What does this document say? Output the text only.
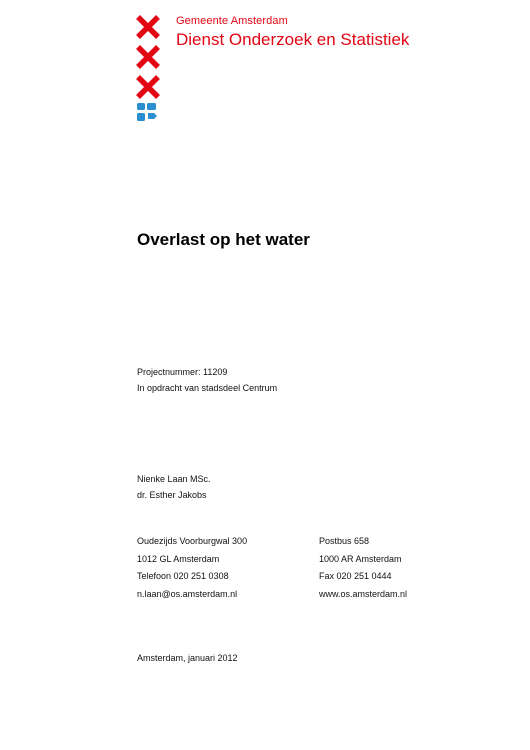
Gemeente Amsterdam
Dienst Onderzoek en Statistiek
Overlast op het water
Projectnummer: 11209
In opdracht van stadsdeel Centrum
Nienke Laan MSc.
dr. Esther Jakobs
Oudezijds Voorburgwal 300
1012 GL Amsterdam
Telefoon 020 251 0308
n.laan@os.amsterdam.nl
Postbus 658
1000 AR Amsterdam
Fax 020 251 0444
www.os.amsterdam.nl
Amsterdam, januari 2012
